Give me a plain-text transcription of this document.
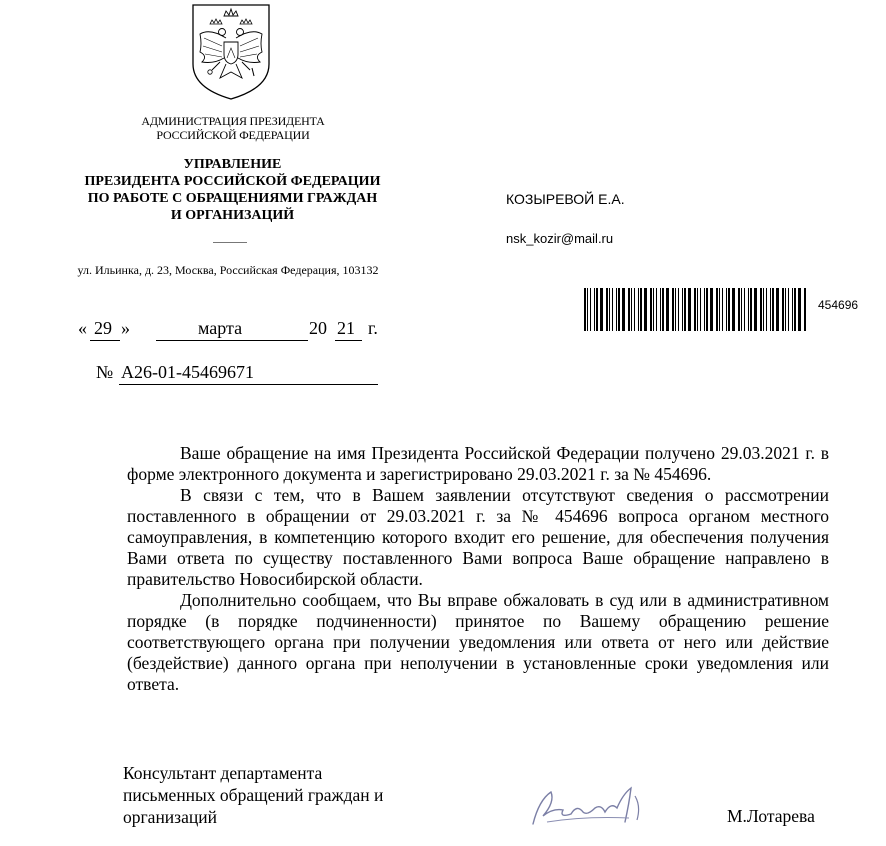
АДМИНИСТРАЦИЯ ПРЕЗИДЕНТА
РОССИЙСКОЙ ФЕДЕРАЦИИ
УПРАВЛЕНИЕ
ПРЕЗИДЕНТА РОССИЙСКОЙ ФЕДЕРАЦИИ
ПО РАБОТЕ С ОБРАЩЕНИЯМИ ГРАЖДАН
И ОРГАНИЗАЦИЙ
ул. Ильинка, д. 23, Москва, Российская Федерация, 103132
КОЗЫРЕВОЙ Е.А.
nsk_kozir@mail.ru
454696
« 29 »	марта	20 21 г.
№ А26-01-45469671

Ваше обращение на имя Президента Российской Федерации получено 29.03.2021 г. в форме электронного документа и зарегистрировано 29.03.2021 г. за № 454696.

В связи с тем, что в Вашем заявлении отсутствуют сведения о рассмотрении поставленного в обращении от 29.03.2021 г. за № 454696 вопроса органом местного самоуправления, в компетенцию которого входит его решение, для обеспечения получения Вами ответа по существу поставленного Вами вопроса Ваше обращение направлено в правительство Новосибирской области.

Дополнительно сообщаем, что Вы вправе обжаловать в суд или в административном порядке (в порядке подчиненности) принятое по Вашему обращению решение соответствующего органа при получении уведомления или ответа от него или действие (бездействие) данного органа при неполучении в установленные сроки уведомления или ответа.

Консультант департамента
письменных обращений граждан и
организаций	М.Лотарева
